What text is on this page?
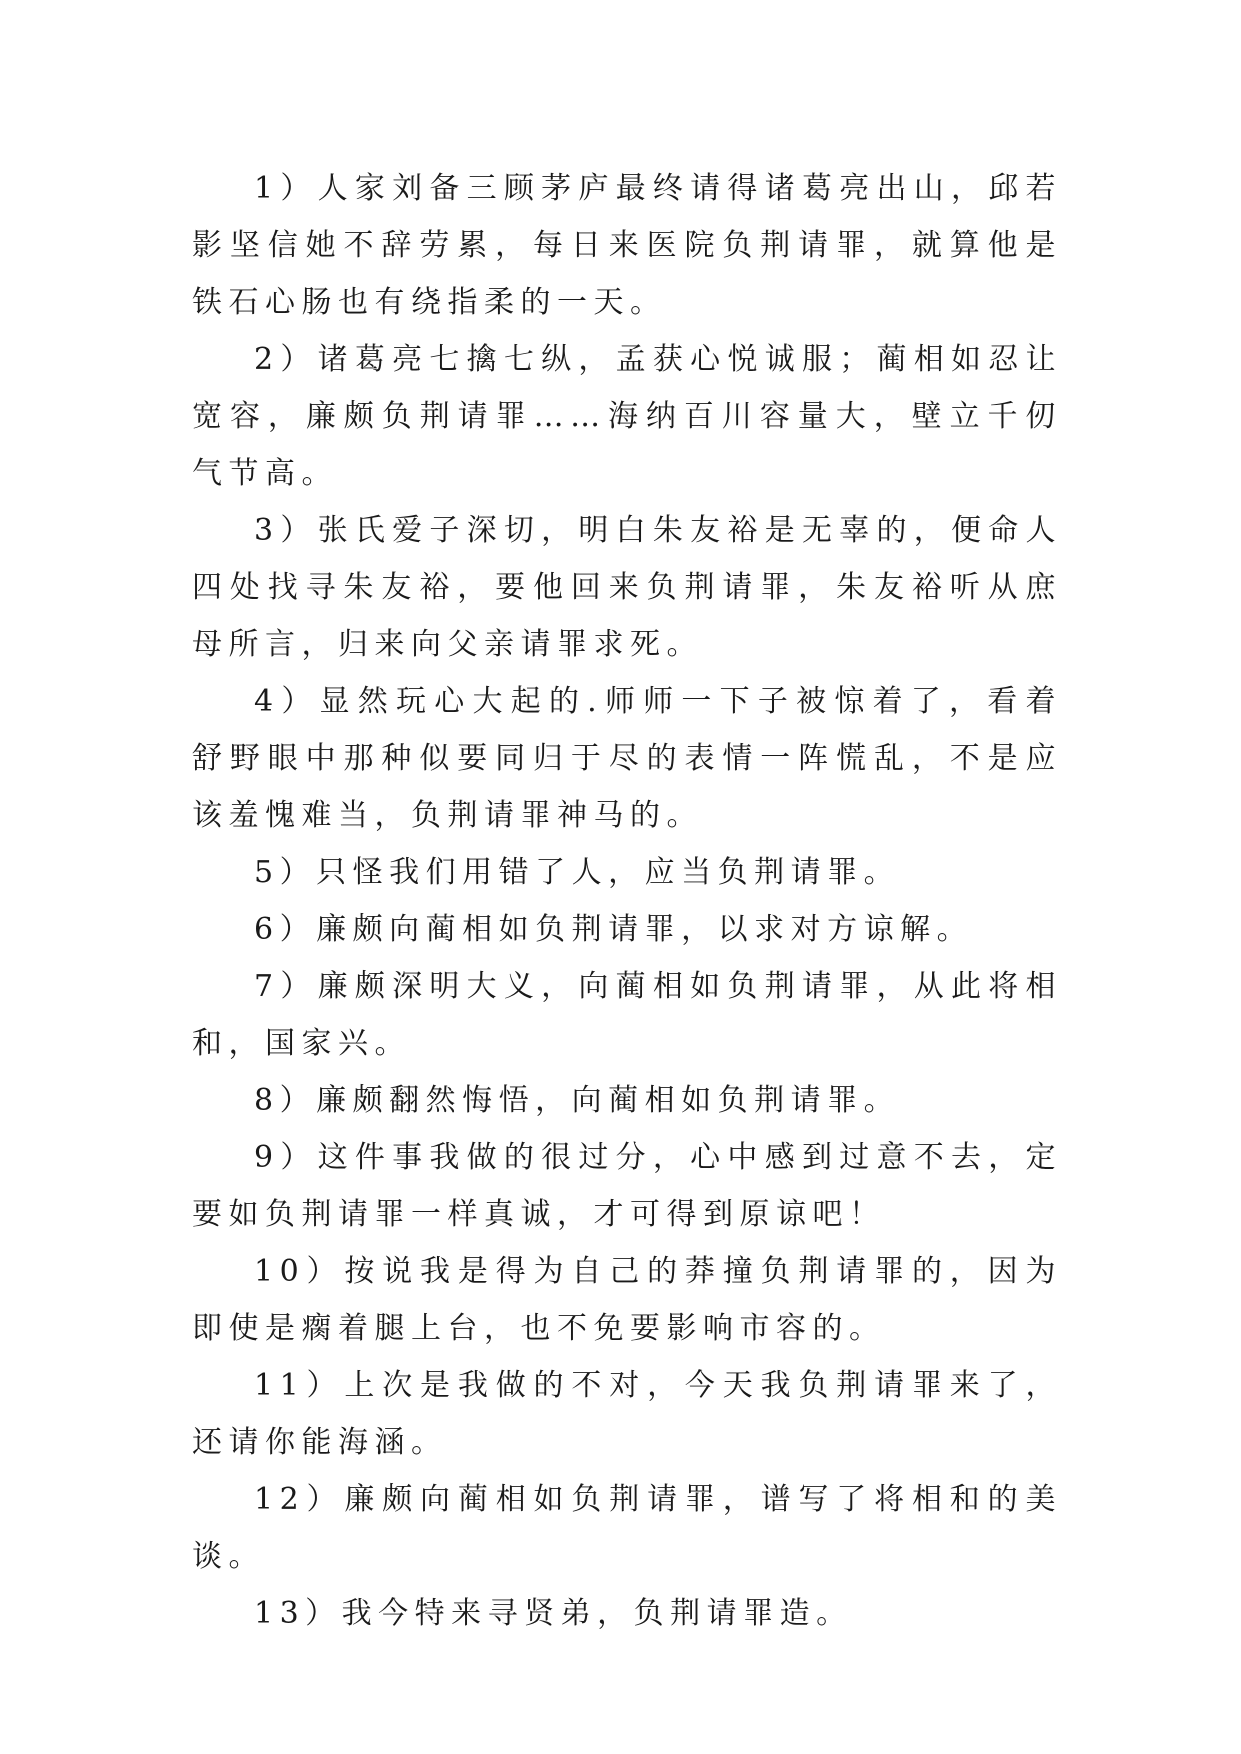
1）人家刘备三顾茅庐最终请得诸葛亮出山，邱若影坚信她不辞劳累，每日来医院负荆请罪，就算他是铁石心肠也有绕指柔的一天。

2）诸葛亮七擒七纵，孟获心悦诚服；蔺相如忍让宽容，廉颇负荆请罪……海纳百川容量大，壁立千仞气节高。

3）张氏爱子深切，明白朱友裕是无辜的，便命人四处找寻朱友裕，要他回来负荆请罪，朱友裕听从庶母所言，归来向父亲请罪求死。

4）显然玩心大起的.师师一下子被惊着了，看着舒野眼中那种似要同归于尽的表情一阵慌乱，不是应该羞愧难当，负荆请罪神马的。

5）只怪我们用错了人，应当负荆请罪。

6）廉颇向蔺相如负荆请罪，以求对方谅解。

7）廉颇深明大义，向蔺相如负荆请罪，从此将相和，国家兴。

8）廉颇翻然悔悟，向蔺相如负荆请罪。

9）这件事我做的很过分，心中感到过意不去，定要如负荆请罪一样真诚，才可得到原谅吧！

10）按说我是得为自己的莽撞负荆请罪的，因为即使是瘸着腿上台，也不免要影响市容的。

11）上次是我做的不对，今天我负荆请罪来了，还请你能海涵。

12）廉颇向蔺相如负荆请罪，谱写了将相和的美谈。

13）我今特来寻贤弟，负荆请罪造。
